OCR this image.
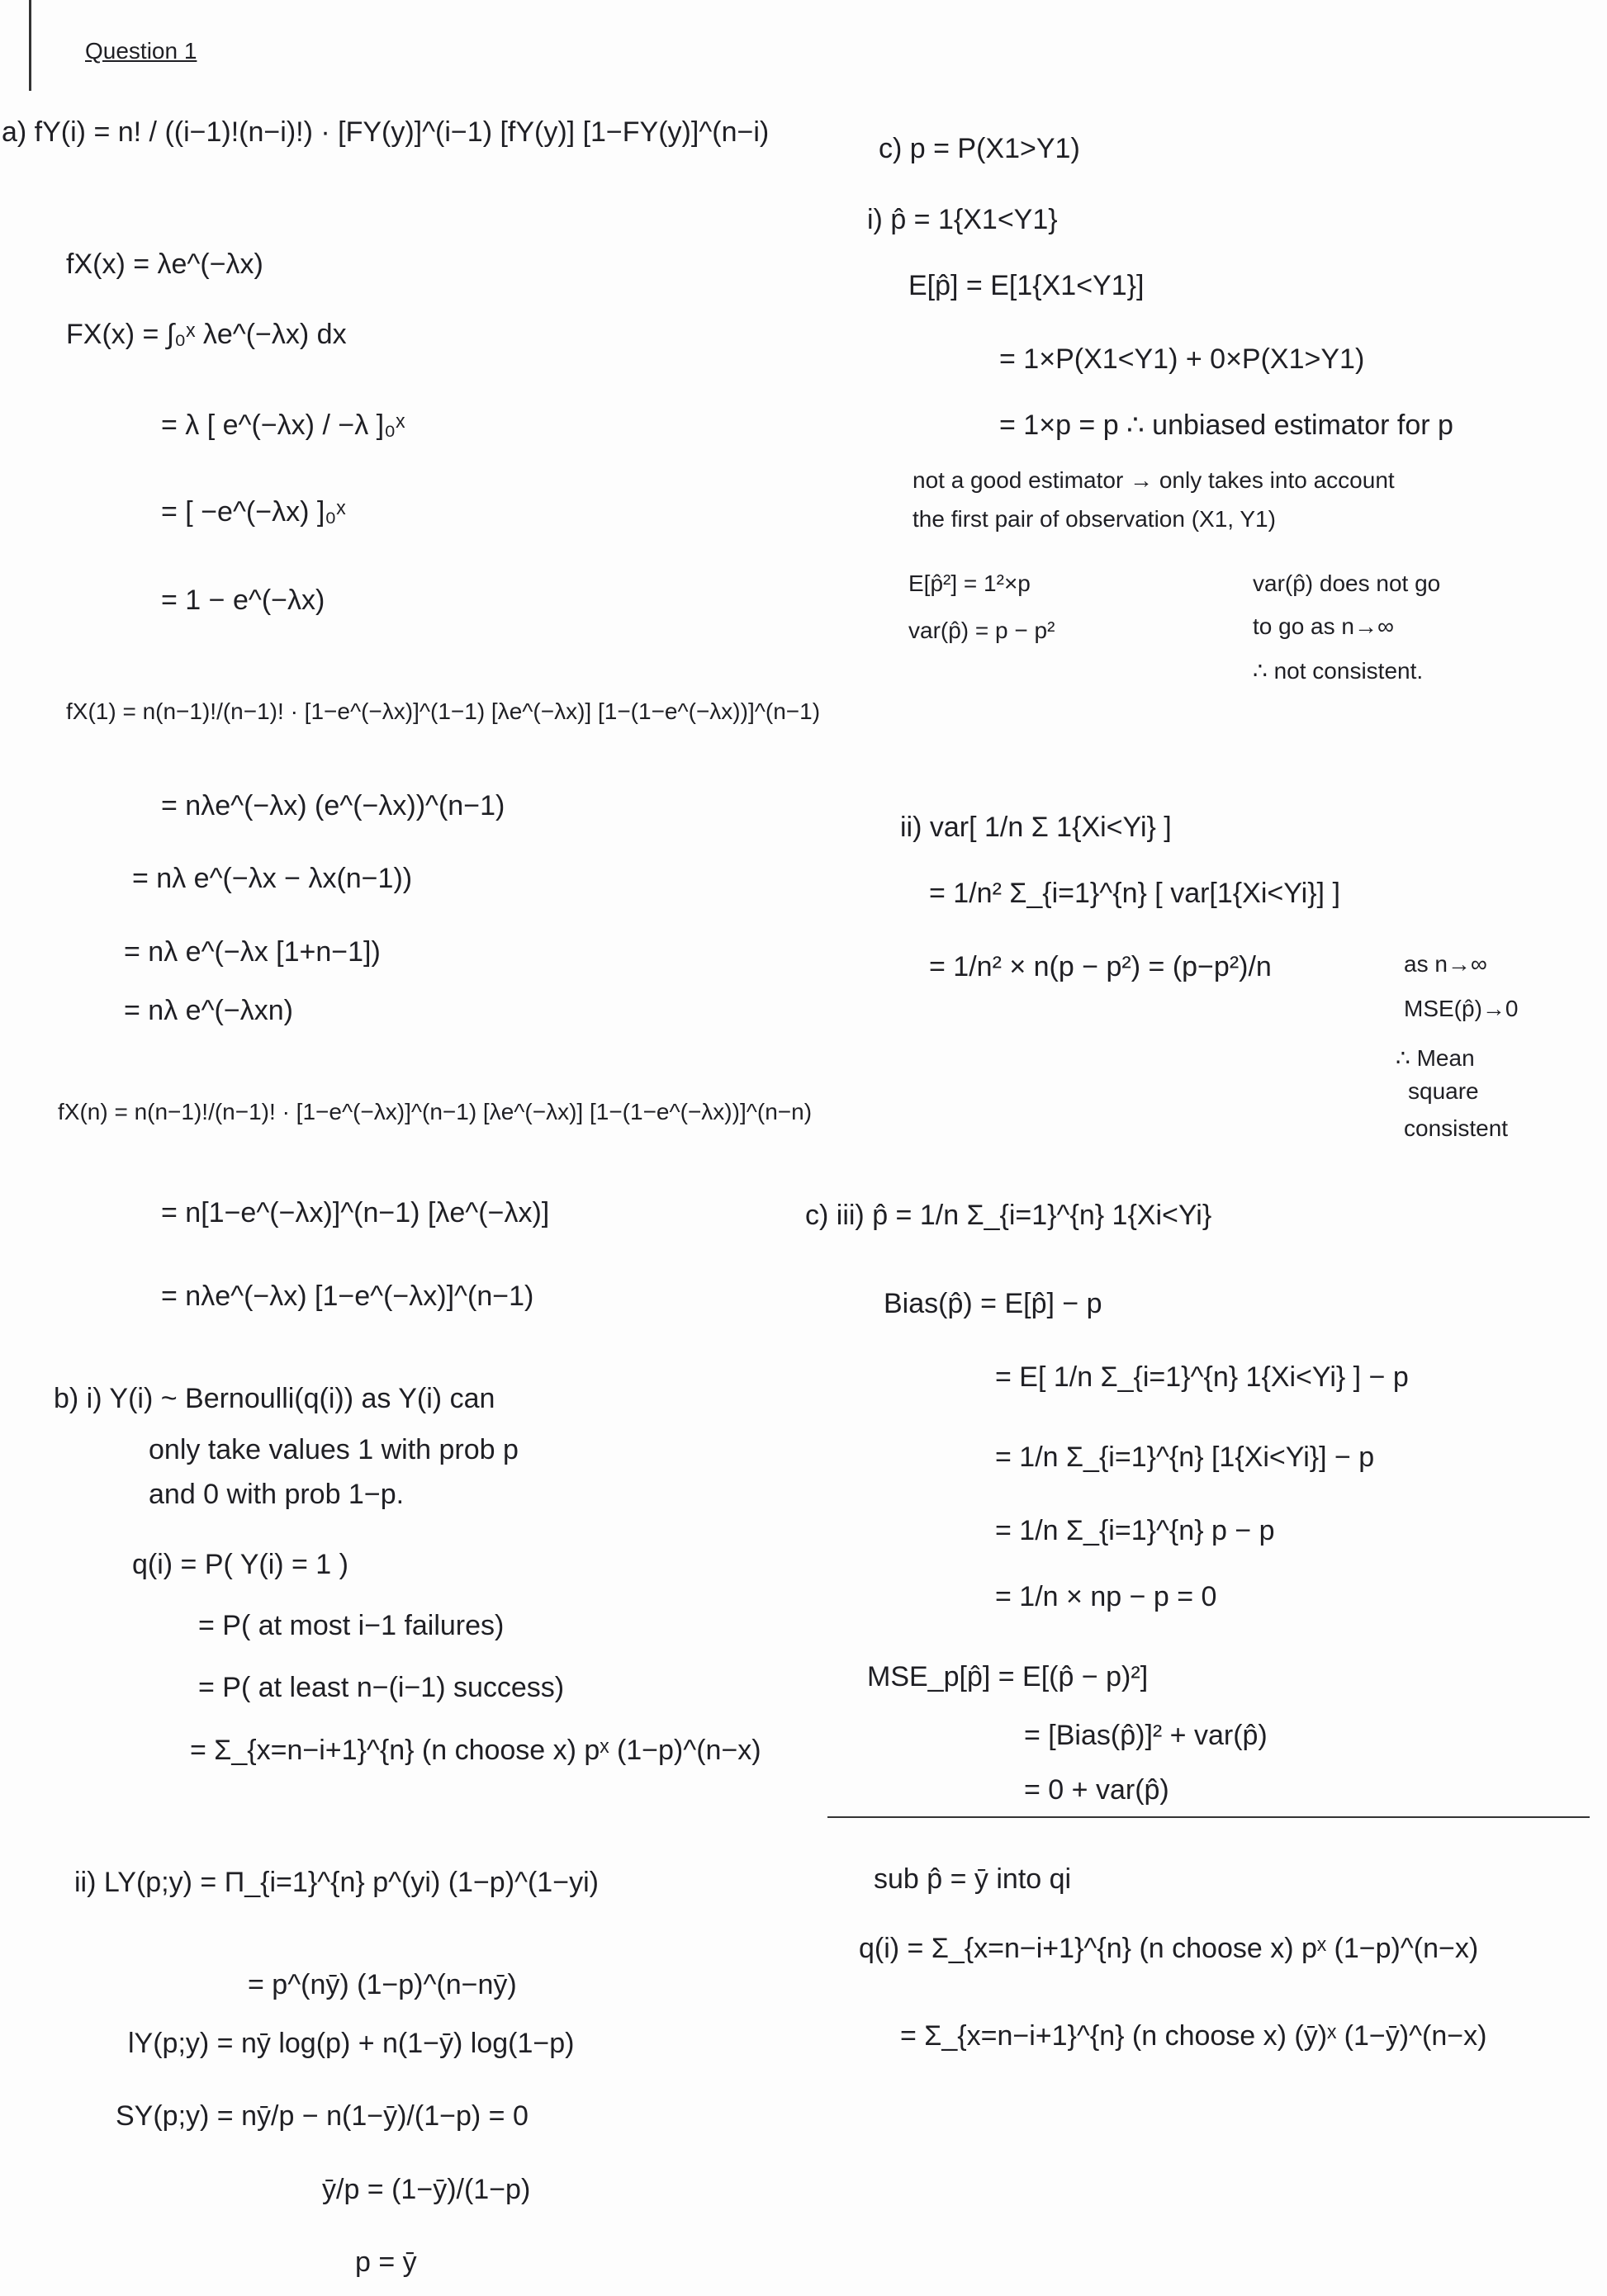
Question 1
a) fY(i) = n! / ((i−1)!(n−i)!) · [FY(y)]^(i−1) [fY(y)] [1−FY(y)]^(n−i)
fX(x) = λe^(−λx)
FX(x) = ∫₀ˣ λe^(−λx) dx
= λ [ e^(−λx) / −λ ]₀ˣ
= [ −e^(−λx) ]₀ˣ
= 1 − e^(−λx)
fX(1) = n(n−1)!/(n−1)! · [1−e^(−λx)]^(1−1) [λe^(−λx)] [1−(1−e^(−λx))]^(n−1)
= nλe^(−λx) (e^(−λx))^(n−1)
= nλ e^(−λx − λx(n−1))
= nλ e^(−λx [1+n−1])
= nλ e^(−λxn)
fX(n) = n(n−1)!/(n−1)! · [1−e^(−λx)]^(n−1) [λe^(−λx)] [1−(1−e^(−λx))]^(n−n)
= n[1−e^(−λx)]^(n−1) [λe^(−λx)]
= nλe^(−λx) [1−e^(−λx)]^(n−1)
b) i) Y(i) ~ Bernoulli(q(i)) as Y(i) can
only take values 1 with prob p
and 0 with prob 1−p.
q(i) = P( Y(i) = 1 )
= P( at most i−1 failures)
= P( at least n−(i−1) success)
= Σ_{x=n−i+1}^{n} (n choose x) pˣ (1−p)^(n−x)
ii) LY(p;y) = Π_{i=1}^{n} p^(yi) (1−p)^(1−yi)
= p^(nȳ) (1−p)^(n−nȳ)
lY(p;y) = nȳ log(p) + n(1−ȳ) log(1−p)
SY(p;y) = nȳ/p − n(1−ȳ)/(1−p) = 0
ȳ/p = (1−ȳ)/(1−p)
p = ȳ
c) p = P(X1>Y1)
i) p̂ = 1{X1<Y1}
E[p̂] = E[1{X1<Y1}]
= 1×P(X1<Y1) + 0×P(X1>Y1)
= 1×p = p ∴ unbiased estimator for p
not a good estimator → only takes into account
the first pair of observation (X1, Y1)
E[p̂²] = 1²×p
var(p̂) = p − p²
var(p̂) does not go
to go as n→∞
∴ not consistent.
ii) var[ 1/n Σ 1{Xi<Yi} ]
= 1/n² Σ_{i=1}^{n} [ var[1{Xi<Yi}] ]
= 1/n² × n(p − p²) = (p−p²)/n	as n→∞
MSE(p̂)→0
∴ Mean
square
consistent
c) iii) p̂ = 1/n Σ_{i=1}^{n} 1{Xi<Yi}
Bias(p̂) = E[p̂] − p
= E[ 1/n Σ_{i=1}^{n} 1{Xi<Yi} ] − p
= 1/n Σ_{i=1}^{n} [1{Xi<Yi}] − p
= 1/n Σ_{i=1}^{n} p − p
= 1/n × np − p = 0
MSE_p[p̂] = E[(p̂ − p)²]
= [Bias(p̂)]² + var(p̂)
= 0 + var(p̂)
sub p̂ = ȳ into qi
q(i) = Σ_{x=n−i+1}^{n} (n choose x) pˣ (1−p)^(n−x)
= Σ_{x=n−i+1}^{n} (n choose x) (ȳ)ˣ (1−ȳ)^(n−x)
